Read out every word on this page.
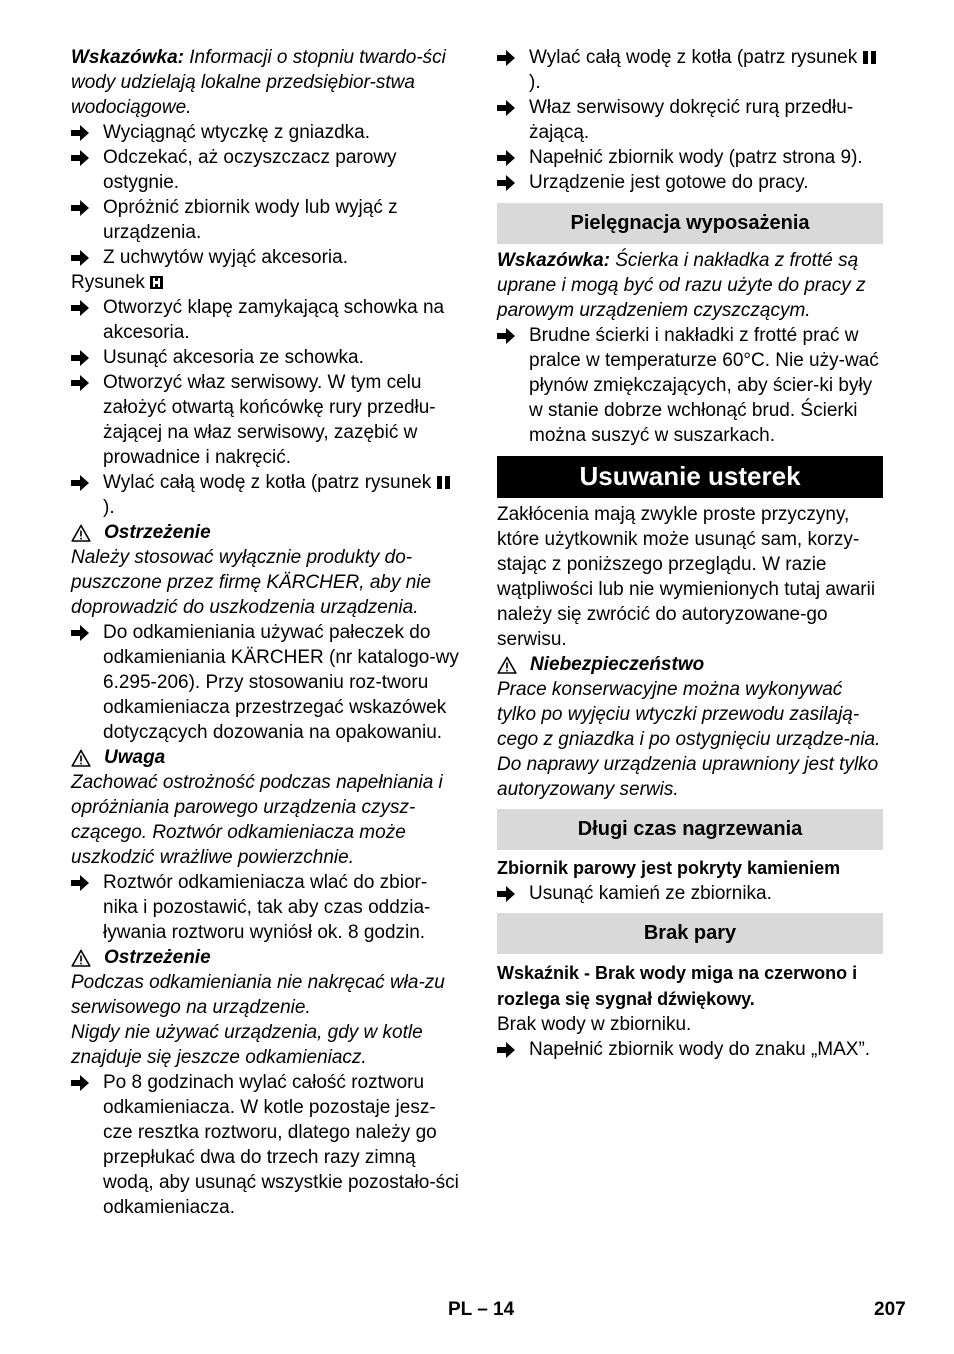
Wskazówka: Informacji o stopniu twardo-ści wody udzielają lokalne przedsiębior-stwa wodociągowe.

Wyciągnąć wtyczkę z gniazdka.

Odczekać, aż oczyszczacz parowy ostygnie.

Opróżnić zbiornik wody lub wyjąć z urządzenia.

Z uchwytów wyjąć akcesoria.

Rysunek

Otworzyć klapę zamykającą schowka na akcesoria.

Usunąć akcesoria ze schowka.

Otworzyć właz serwisowy. W tym celu założyć otwartą końcówkę rury przedłu-żającej na właz serwisowy, zazębić w prowadnice i nakręcić.

Wylać całą wodę z kotła (patrz rysunek ).

Ostrzeżenie

Należy stosować wyłącznie produkty do-puszczone przez firmę KÄRCHER, aby nie doprowadzić do uszkodzenia urządzenia.

Do odkamieniania używać pałeczek do odkamieniania KÄRCHER (nr katalogo-wy 6.295-206). Przy stosowaniu roz-tworu odkamieniacza przestrzegać wskazówek dotyczących dozowania na opakowaniu.

Uwaga

Zachować ostrożność podczas napełniania i opróżniania parowego urządzenia czysz-czącego. Roztwór odkamieniacza może uszkodzić wrażliwe powierzchnie.

Roztwór odkamieniacza wlać do zbior-nika i pozostawić, tak aby czas oddzia-ływania roztworu wyniósł ok. 8 godzin.

Ostrzeżenie

Podczas odkamieniania nie nakręcać wła-zu serwisowego na urządzenie.

Nigdy nie używać urządzenia, gdy w kotle znajduje się jeszcze odkamieniacz.

Po 8 godzinach wylać całość roztworu odkamieniacza. W kotle pozostaje jesz-cze resztka roztworu, dlatego należy go przepłukać dwa do trzech razy zimną wodą, aby usunąć wszystkie pozostało-ści odkamieniacza.

Wylać całą wodę z kotła (patrz rysunek ).

Właz serwisowy dokręcić rurą przedłu-żającą.

Napełnić zbiornik wody (patrz strona 9).

Urządzenie jest gotowe do pracy.

Pielęgnacja wyposażenia

Wskazówka: Ścierka i nakładka z frotté są uprane i mogą być od razu użyte do pracy z parowym urządzeniem czyszczącym.

Brudne ścierki i nakładki z frotté prać w pralce w temperaturze 60°C. Nie uży-wać płynów zmiękczających, aby ścier-ki były w stanie dobrze wchłonąć brud. Ścierki można suszyć w suszarkach.

Usuwanie usterek

Zakłócenia mają zwykle proste przyczyny, które użytkownik może usunąć sam, korzy-stając z poniższego przeglądu. W razie wątpliwości lub nie wymienionych tutaj awarii należy się zwrócić do autoryzowane-go serwisu.

Niebezpieczeństwo

Prace konserwacyjne można wykonywać tylko po wyjęciu wtyczki przewodu zasilają-cego z gniazdka i po ostygnięciu urządze-nia.

Do naprawy urządzenia uprawniony jest tylko autoryzowany serwis.

Długi czas nagrzewania

Zbiornik parowy jest pokryty kamieniem

Usunąć kamień ze zbiornika.

Brak pary

Wskaźnik - Brak wody miga na czerwono i rozlega się sygnał dźwiękowy.

Brak wody w zbiorniku.

Napełnić zbiornik wody do znaku „MAX”.

PL – 14	207
